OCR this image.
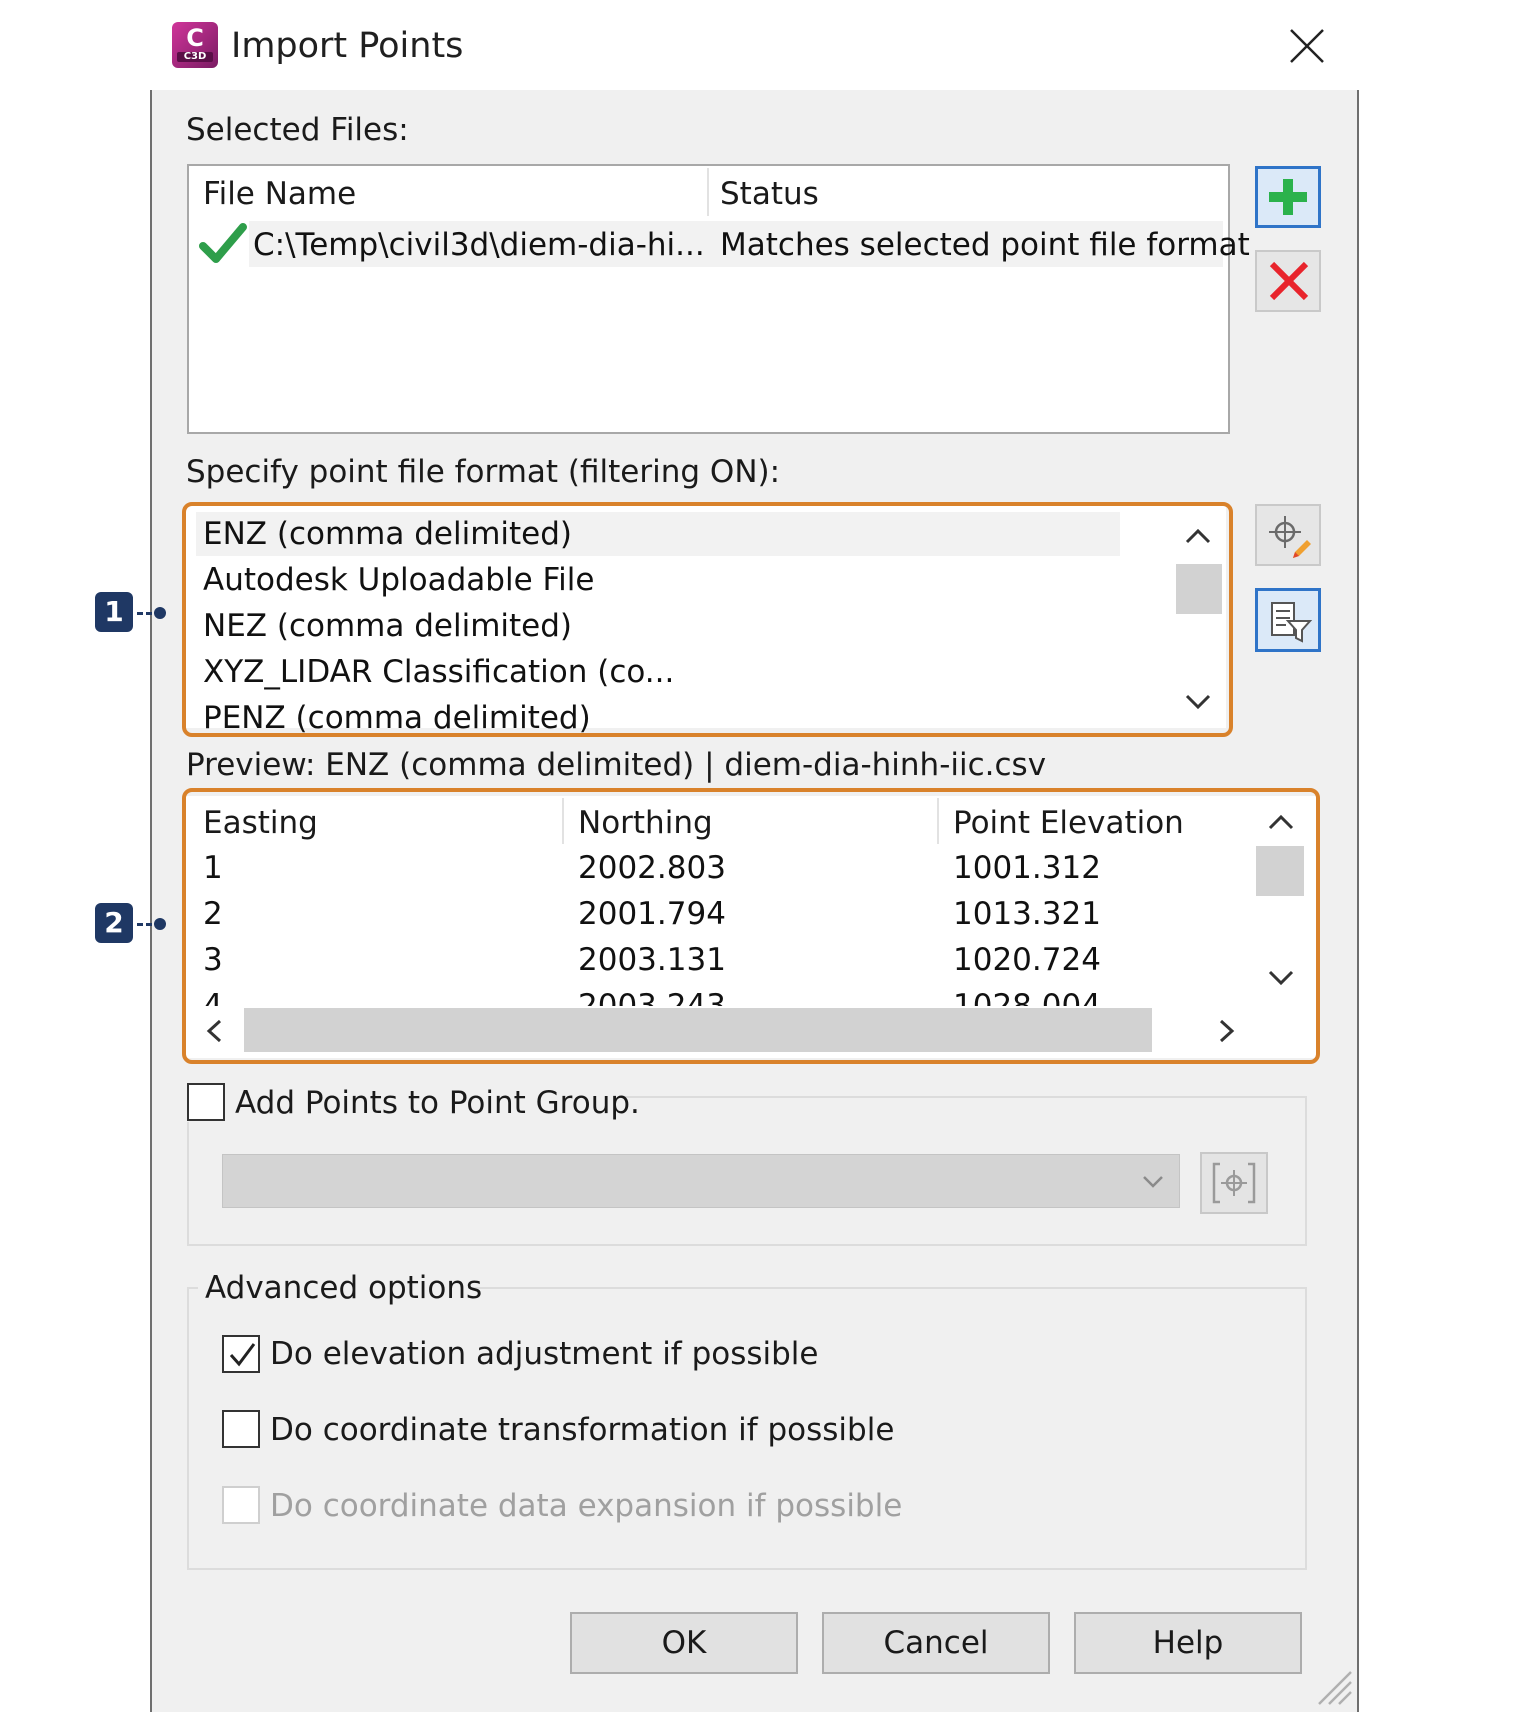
C
C3D Import Points
Selected Files:
File Name	Status
C:\Temp\civil3d\diem-dia-hi... Matches selected point file format
Specify point file format (filtering ON):
ENZ (comma delimited)
Autodesk Uploadable File
NEZ (comma delimited)
XYZ_LIDAR Classification (co...
PENZ (comma delimited)
1
Preview: ENZ (comma delimited) | diem-dia-hinh-iic.csv
Easting	Northing	Point Elevation
1	2002.803	1001.312
2	2001.794	1013.321
3	2003.131	1020.724
2
Add Points to Point Group.
Advanced options
Do elevation adjustment if possible
Do coordinate transformation if possible
Do coordinate data expansion if possible
OK	Cancel	Help
